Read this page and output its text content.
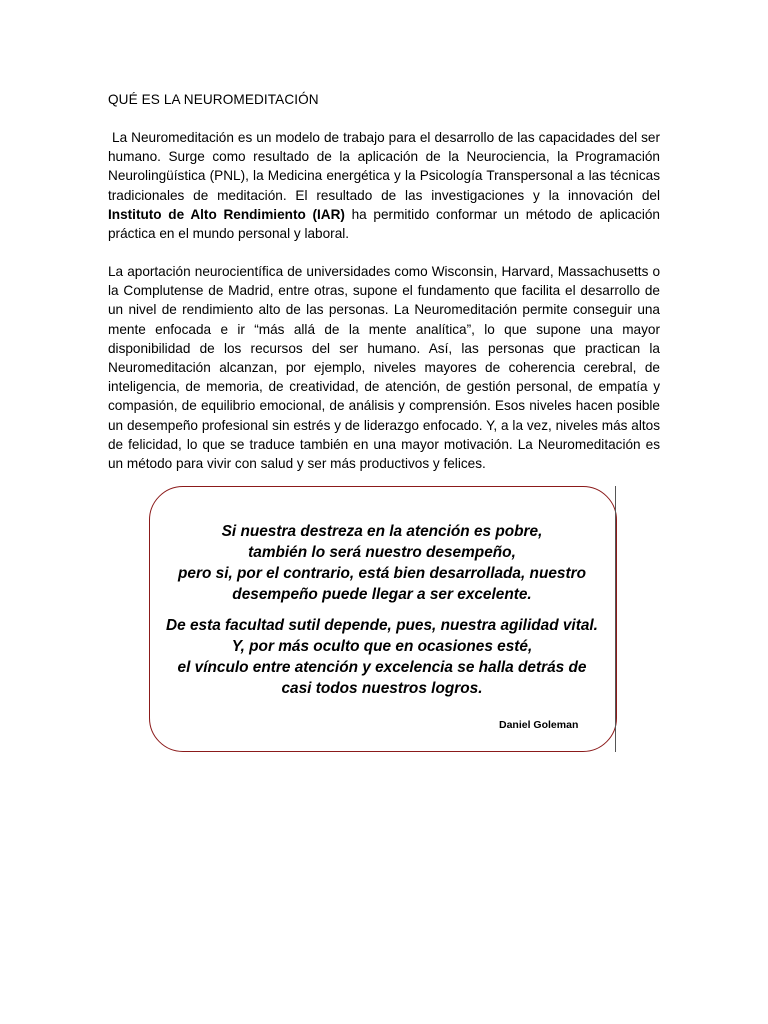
QUÉ ES LA NEUROMEDITACIÓN
La Neuromeditación es un modelo de trabajo para el desarrollo de las capacidades del ser humano. Surge como resultado de la aplicación de la Neurociencia, la Programación Neurolingüística (PNL), la Medicina energética y la Psicología Transpersonal a las técnicas tradicionales de meditación. El resultado de las investigaciones y la innovación del Instituto de Alto Rendimiento (IAR) ha permitido conformar un método de aplicación práctica en el mundo personal y laboral.
La aportación neurocientífica de universidades como Wisconsin, Harvard, Massachusetts o la Complutense de Madrid, entre otras, supone el fundamento que facilita el desarrollo de un nivel de rendimiento alto de las personas. La Neuromeditación permite conseguir una mente enfocada e ir “más allá de la mente analítica”, lo que supone una mayor disponibilidad de los recursos del ser humano. Así, las personas que practican la Neuromeditación alcanzan, por ejemplo, niveles mayores de coherencia cerebral, de inteligencia, de memoria, de creatividad, de atención, de gestión personal, de empatía y compasión, de equilibrio emocional, de análisis y comprensión. Esos niveles hacen posible un desempeño profesional sin estrés y de liderazgo enfocado. Y, a la vez, niveles más altos de felicidad, lo que se traduce también en una mayor motivación. La Neuromeditación es un método para vivir con salud y ser más productivos y felices.
Si nuestra destreza en la atención es pobre,
también lo será nuestro desempeño,
pero si, por el contrario, está bien desarrollada, nuestro
desempeño puede llegar a ser excelente.
De esta facultad sutil depende, pues, nuestra agilidad vital.
Y, por más oculto que en ocasiones esté,
el vínculo entre atención y excelencia se halla detrás de
casi todos nuestros logros.
Daniel Goleman
